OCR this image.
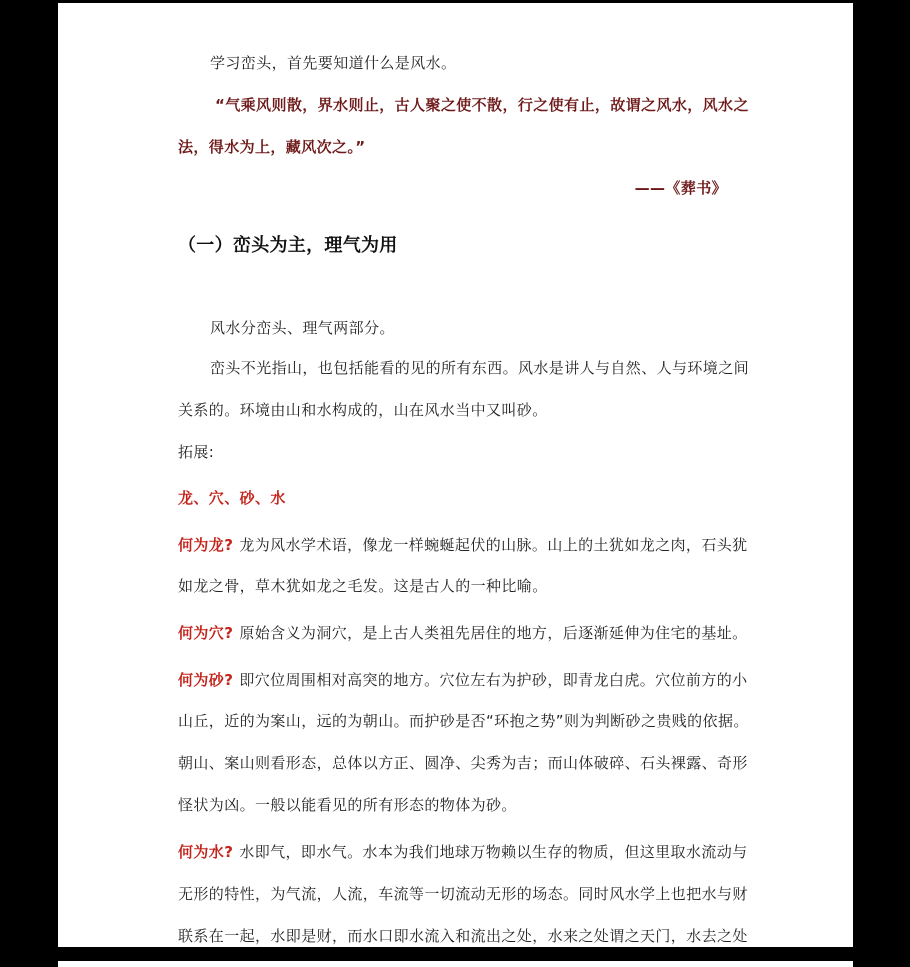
学习峦头，首先要知道什么是风水。
“气乘风则散，界水则止，古人聚之使不散，行之使有止，故谓之风水，风水之
法，得水为上，藏风次之。”
——《葬书》
（一）峦头为主，理气为用
风水分峦头、理气两部分。
峦头不光指山，也包括能看的见的所有东西。风水是讲人与自然、人与环境之间
关系的。环境由山和水构成的，山在风水当中又叫砂。
拓展:
龙、穴、砂、水
何为龙? 龙为风水学术语，像龙一样蜿蜒起伏的山脉。山上的土犹如龙之肉，石头犹
如龙之骨，草木犹如龙之毛发。这是古人的一种比喻。
何为穴? 原始含义为洞穴，是上古人类祖先居住的地方，后逐渐延伸为住宅的基址。
何为砂? 即穴位周围相对高突的地方。穴位左右为护砂，即青龙白虎。穴位前方的小
山丘，近的为案山，远的为朝山。而护砂是否“环抱之势”则为判断砂之贵贱的依据。
朝山、案山则看形态，总体以方正、圆净、尖秀为吉；而山体破碎、石头裸露、奇形
怪状为凶。一般以能看见的所有形态的物体为砂。
何为水? 水即气，即水气。水本为我们地球万物赖以生存的物质，但这里取水流动与
无形的特性，为气流，人流，车流等一切流动无形的场态。同时风水学上也把水与财
联系在一起，水即是财，而水口即水流入和流出之处，水来之处谓之天门，水去之处
